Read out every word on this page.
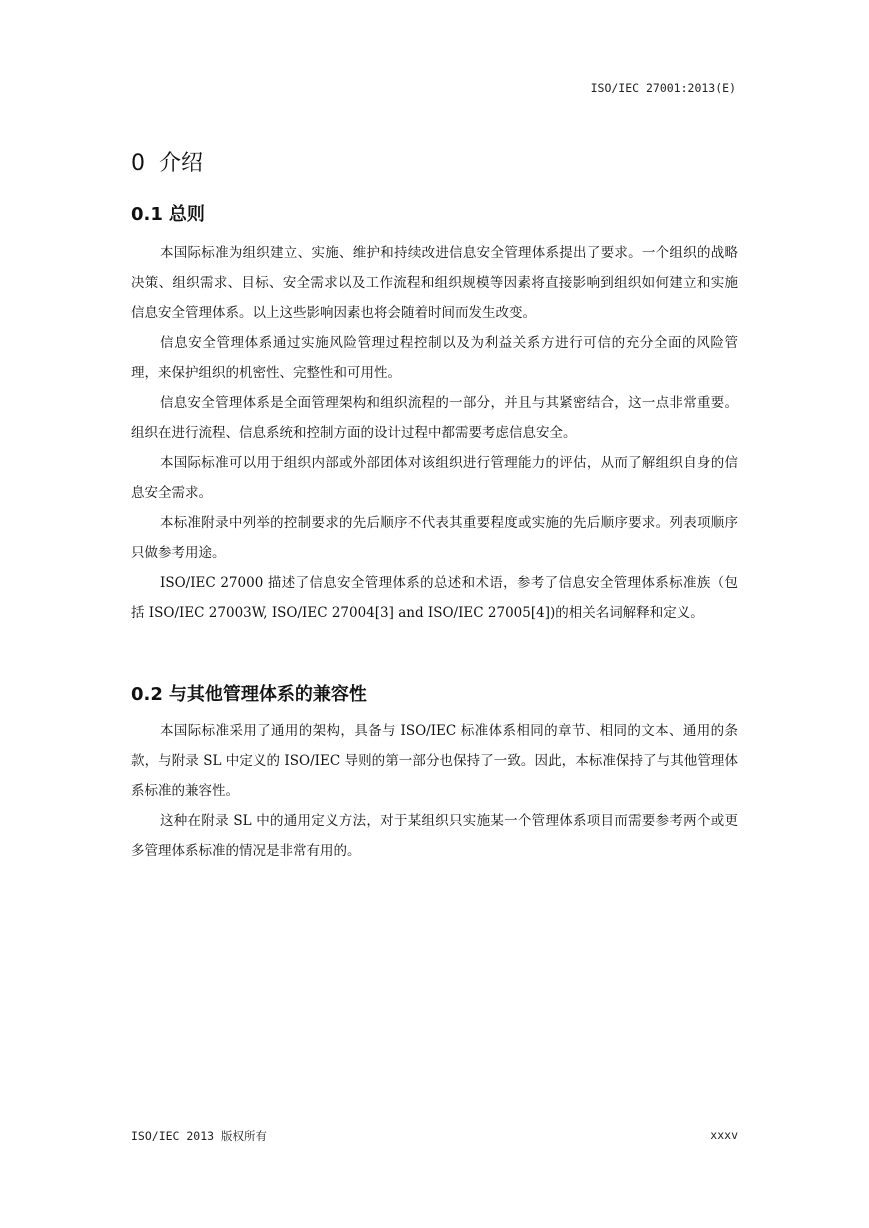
ISO/IEC 27001:2013(E)
0 介绍
0.1 总则

本国际标准为组织建立、实施、维护和持续改进信息安全管理体系提出了要求。一个组织的战略决策、组织需求、目标、安全需求以及工作流程和组织规模等因素将直接影响到组织如何建立和实施信息安全管理体系。以上这些影响因素也将会随着时间而发生改变。

信息安全管理体系通过实施风险管理过程控制以及为利益关系方进行可信的充分全面的风险管理，来保护组织的机密性、完整性和可用性。

信息安全管理体系是全面管理架构和组织流程的一部分，并且与其紧密结合，这一点非常重要。组织在进行流程、信息系统和控制方面的设计过程中都需要考虑信息安全。

本国际标准可以用于组织内部或外部团体对该组织进行管理能力的评估，从而了解组织自身的信息安全需求。

本标准附录中列举的控制要求的先后顺序不代表其重要程度或实施的先后顺序要求。列表项顺序只做参考用途。

ISO/IEC 27000 描述了信息安全管理体系的总述和术语，参考了信息安全管理体系标准族（包括 ISO/IEC 27003W, ISO/IEC 27004[3] and ISO/IEC 27005[4])的相关名词解释和定义。

0.2 与其他管理体系的兼容性

本国际标准采用了通用的架构，具备与 ISO/IEC 标准体系相同的章节、相同的文本、通用的条款，与附录 SL 中定义的 ISO/IEC 导则的第一部分也保持了一致。因此，本标准保持了与其他管理体系标准的兼容性。

这种在附录 SL 中的通用定义方法，对于某组织只实施某一个管理体系项目而需要参考两个或更多管理体系标准的情况是非常有用的。

ISO/IEC 2013 版权所有	xxxv
